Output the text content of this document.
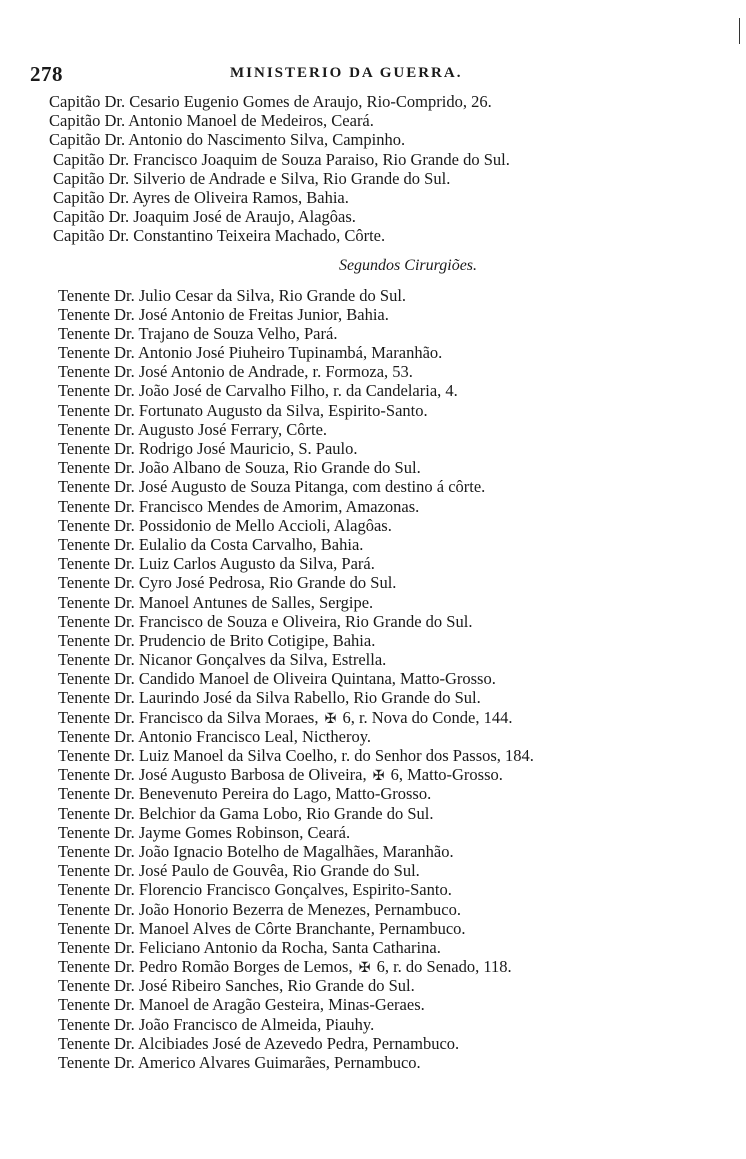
278	MINISTERIO DA GUERRA.
Capitão Dr. Cesario Eugenio Gomes de Araujo, Rio-Comprido, 26.
Capitão Dr. Antonio Manoel de Medeiros, Ceará.
Capitão Dr. Antonio do Nascimento Silva, Campinho.
Capitão Dr. Francisco Joaquim de Souza Paraiso, Rio Grande do Sul.
Capitão Dr. Silverio de Andrade e Silva, Rio Grande do Sul.
Capitão Dr. Ayres de Oliveira Ramos, Bahia.
Capitão Dr. Joaquim José de Araujo, Alagôas.
Capitão Dr. Constantino Teixeira Machado, Côrte.
Segundos Cirurgiões.
Tenente Dr. Julio Cesar da Silva, Rio Grande do Sul.
Tenente Dr. José Antonio de Freitas Junior, Bahia.
Tenente Dr. Trajano de Souza Velho, Pará.
Tenente Dr. Antonio José Piuheiro Tupinambá, Maranhão.
Tenente Dr. José Antonio de Andrade, r. Formoza, 53.
Tenente Dr. João José de Carvalho Filho, r. da Candelaria, 4.
Tenente Dr. Fortunato Augusto da Silva, Espirito-Santo.
Tenente Dr. Augusto José Ferrary, Côrte.
Tenente Dr. Rodrigo José Mauricio, S. Paulo.
Tenente Dr. João Albano de Souza, Rio Grande do Sul.
Tenente Dr. José Augusto de Souza Pitanga, com destino á côrte.
Tenente Dr. Francisco Mendes de Amorim, Amazonas.
Tenente Dr. Possidonio de Mello Accioli, Alagôas.
Tenente Dr. Eulalio da Costa Carvalho, Bahia.
Tenente Dr. Luiz Carlos Augusto da Silva, Pará.
Tenente Dr. Cyro José Pedrosa, Rio Grande do Sul.
Tenente Dr. Manoel Antunes de Salles, Sergipe.
Tenente Dr. Francisco de Souza e Oliveira, Rio Grande do Sul.
Tenente Dr. Prudencio de Brito Cotigipe, Bahia.
Tenente Dr. Nicanor Gonçalves da Silva, Estrella.
Tenente Dr. Candido Manoel de Oliveira Quintana, Matto-Grosso.
Tenente Dr. Laurindo José da Silva Rabello, Rio Grande do Sul.
Tenente Dr. Francisco da Silva Moraes, ✠ 6, r. Nova do Conde, 144.
Tenente Dr. Antonio Francisco Leal, Nictheroy.
Tenente Dr. Luiz Manoel da Silva Coelho, r. do Senhor dos Passos, 184.
Tenente Dr. José Augusto Barbosa de Oliveira, ✠ 6, Matto-Grosso.
Tenente Dr. Benevenuto Pereira do Lago, Matto-Grosso.
Tenente Dr. Belchior da Gama Lobo, Rio Grande do Sul.
Tenente Dr. Jayme Gomes Robinson, Ceará.
Tenente Dr. João Ignacio Botelho de Magalhães, Maranhão.
Tenente Dr. José Paulo de Gouvêa, Rio Grande do Sul.
Tenente Dr. Florencio Francisco Gonçalves, Espirito-Santo.
Tenente Dr. João Honorio Bezerra de Menezes, Pernambuco.
Tenente Dr. Manoel Alves de Côrte Branchante, Pernambuco.
Tenente Dr. Feliciano Antonio da Rocha, Santa Catharina.
Tenente Dr. Pedro Romão Borges de Lemos, ✠ 6, r. do Senado, 118.
Tenente Dr. José Ribeiro Sanches, Rio Grande do Sul.
Tenente Dr. Manoel de Aragão Gesteira, Minas-Geraes.
Tenente Dr. João Francisco de Almeida, Piauhy.
Tenente Dr. Alcibiades José de Azevedo Pedra, Pernambuco.
Tenente Dr. Americo Alvares Guimarães, Pernambuco.
